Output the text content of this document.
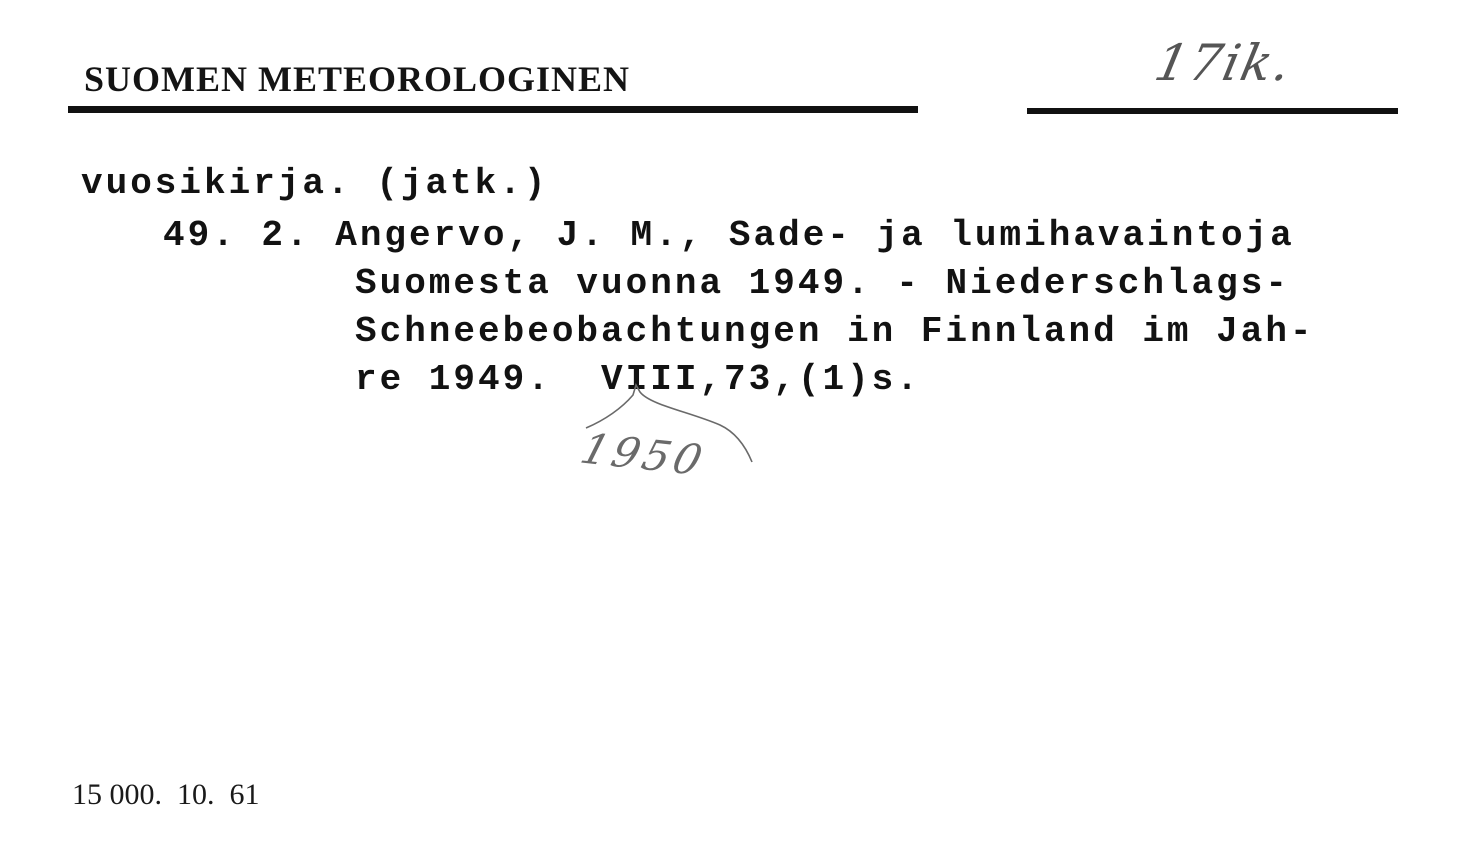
SUOMEN METEOROLOGINEN	17ik.
vuosikirja. (jatk.)
49. 2. Angervo, J. M., Sade- ja lumihavaintoja
Suomesta vuonna 1949. - Niederschlags-
Schneebeobachtungen in Finnland im Jah-
re 1949.  VIII,73,(1)s.
1950
15 000.  10.  61
